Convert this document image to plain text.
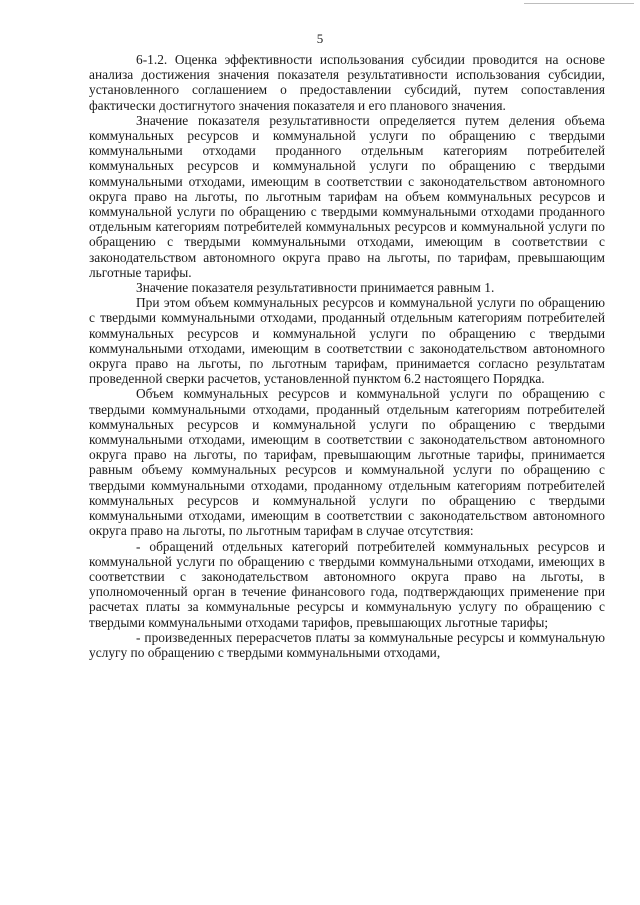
5

6-1.2. Оценка эффективности использования субсидии проводится на основе анализа достижения значения показателя результативности использования субсидии, установленного соглашением о предоставлении субсидий, путем сопоставления фактически достигнутого значения показателя и его планового значения.

Значение показателя результативности определяется путем деления объема коммунальных ресурсов и коммунальной услуги по обращению с твердыми коммунальными отходами проданного отдельным категориям потребителей коммунальных ресурсов и коммунальной услуги по обращению с твердыми коммунальными отходами, имеющим в соответствии с законодательством автономного округа право на льготы, по льготным тарифам на объем коммунальных ресурсов и коммунальной услуги по обращению с твердыми коммунальными отходами проданного отдельным категориям потребителей коммунальных ресурсов и коммунальной услуги по обращению с твердыми коммунальными отходами, имеющим в соответствии с законодательством автономного округа право на льготы, по тарифам, превышающим льготные тарифы.

Значение показателя результативности принимается равным 1.

При этом объем коммунальных ресурсов и коммунальной услуги по обращению с твердыми коммунальными отходами, проданный отдельным категориям потребителей коммунальных ресурсов и коммунальной услуги по обращению с твердыми коммунальными отходами, имеющим в соответствии с законодательством автономного округа право на льготы, по льготным тарифам, принимается согласно результатам проведенной сверки расчетов, установленной пунктом 6.2 настоящего Порядка.

Объем коммунальных ресурсов и коммунальной услуги по обращению с твердыми коммунальными отходами, проданный отдельным категориям потребителей коммунальных ресурсов и коммунальной услуги по обращению с твердыми коммунальными отходами, имеющим в соответствии с законодательством автономного округа право на льготы, по тарифам, превышающим льготные тарифы, принимается равным объему коммунальных ресурсов и коммунальной услуги по обращению с твердыми коммунальными отходами, проданному отдельным категориям потребителей коммунальных ресурсов и коммунальной услуги по обращению с твердыми коммунальными отходами, имеющим в соответствии с законодательством автономного округа право на льготы, по льготным тарифам в случае отсутствия:

- обращений отдельных категорий потребителей коммунальных ресурсов и коммунальной услуги по обращению с твердыми коммунальными отходами, имеющих в соответствии с законодательством автономного округа право на льготы, в уполномоченный орган в течение финансового года, подтверждающих применение при расчетах платы за коммунальные ресурсы и коммунальную услугу по обращению с твердыми коммунальными отходами тарифов, превышающих льготные тарифы;

- произведенных перерасчетов платы за коммунальные ресурсы и коммунальную услугу по обращению с твердыми коммунальными отходами,
